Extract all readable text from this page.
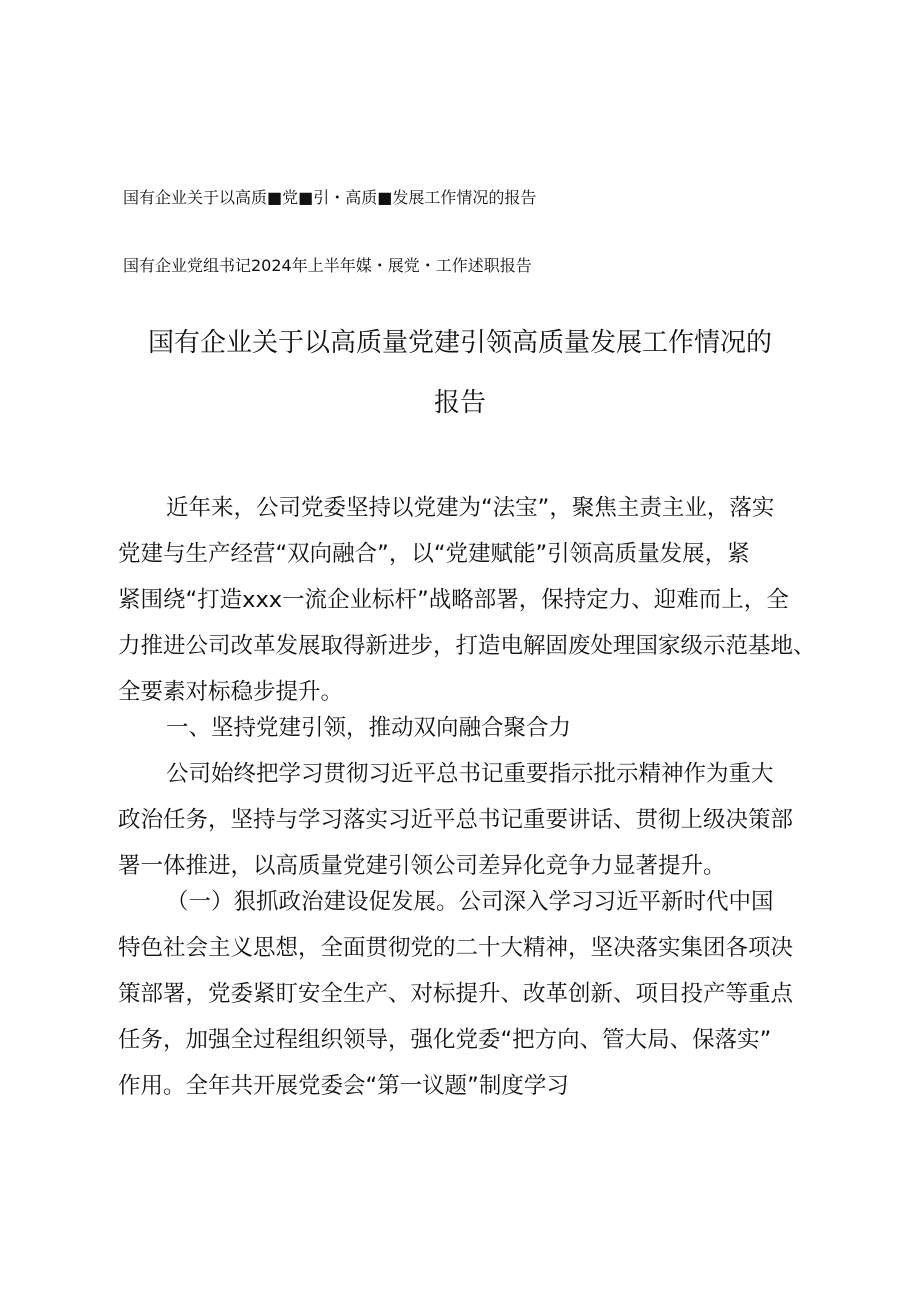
国有企业关于以高质■党■引・高质■发展工作情况的报告
国有企业党组书记2024年上半年媒・展党・工作述职报告
国有企业关于以高质量党建引领高质量发展工作情况的
报告
近年来，公司党委坚持以党建为“法宝”，聚焦主责主业，落实
党建与生产经营“双向融合”，以“党建赋能”引领高质量发展，紧
紧围绕“打造xxx一流企业标杆”战略部署，保持定力、迎难而上，全
力推进公司改革发展取得新进步，打造电解固废处理国家级示范基地、
全要素对标稳步提升。
一、坚持党建引领，推动双向融合聚合力
公司始终把学习贯彻习近平总书记重要指示批示精神作为重大
政治任务，坚持与学习落实习近平总书记重要讲话、贯彻上级决策部
署一体推进，以高质量党建引领公司差异化竞争力显著提升。
（一）狠抓政治建设促发展。公司深入学习习近平新时代中国
特色社会主义思想，全面贯彻党的二十大精神，坚决落实集团各项决
策部署，党委紧盯安全生产、对标提升、改革创新、项目投产等重点
任务，加强全过程组织领导，强化党委“把方向、管大局、保落实”
作用。全年共开展党委会“第一议题”制度学习
